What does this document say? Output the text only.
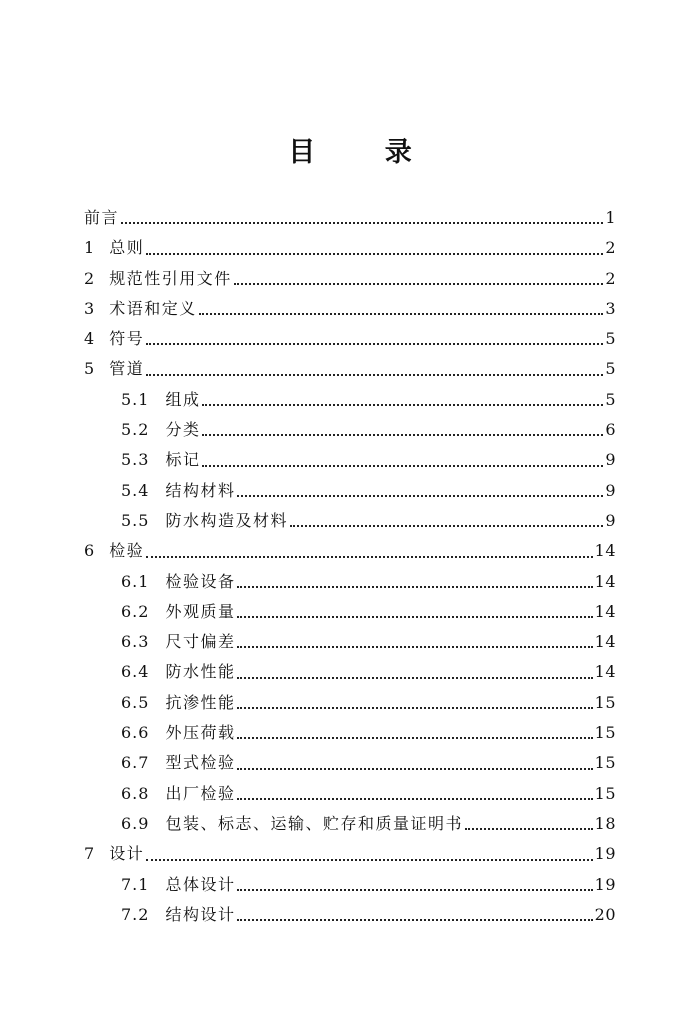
目 录
前言	1
1 总则	2
2 规范性引用文件	2
3 术语和定义	3
4 符号	5
5 管道	5
5.1 组成	5
5.2 分类	6
5.3 标记	9
5.4 结构材料	9
5.5 防水构造及材料	9
6 检验	14
6.1 检验设备	14
6.2 外观质量	14
6.3 尺寸偏差	14
6.4 防水性能	14
6.5 抗渗性能	15
6.6 外压荷载	15
6.7 型式检验	15
6.8 出厂检验	15
6.9 包装、标志、运输、贮存和质量证明书	18
7 设计	19
7.1 总体设计	19
7.2 结构设计	20
